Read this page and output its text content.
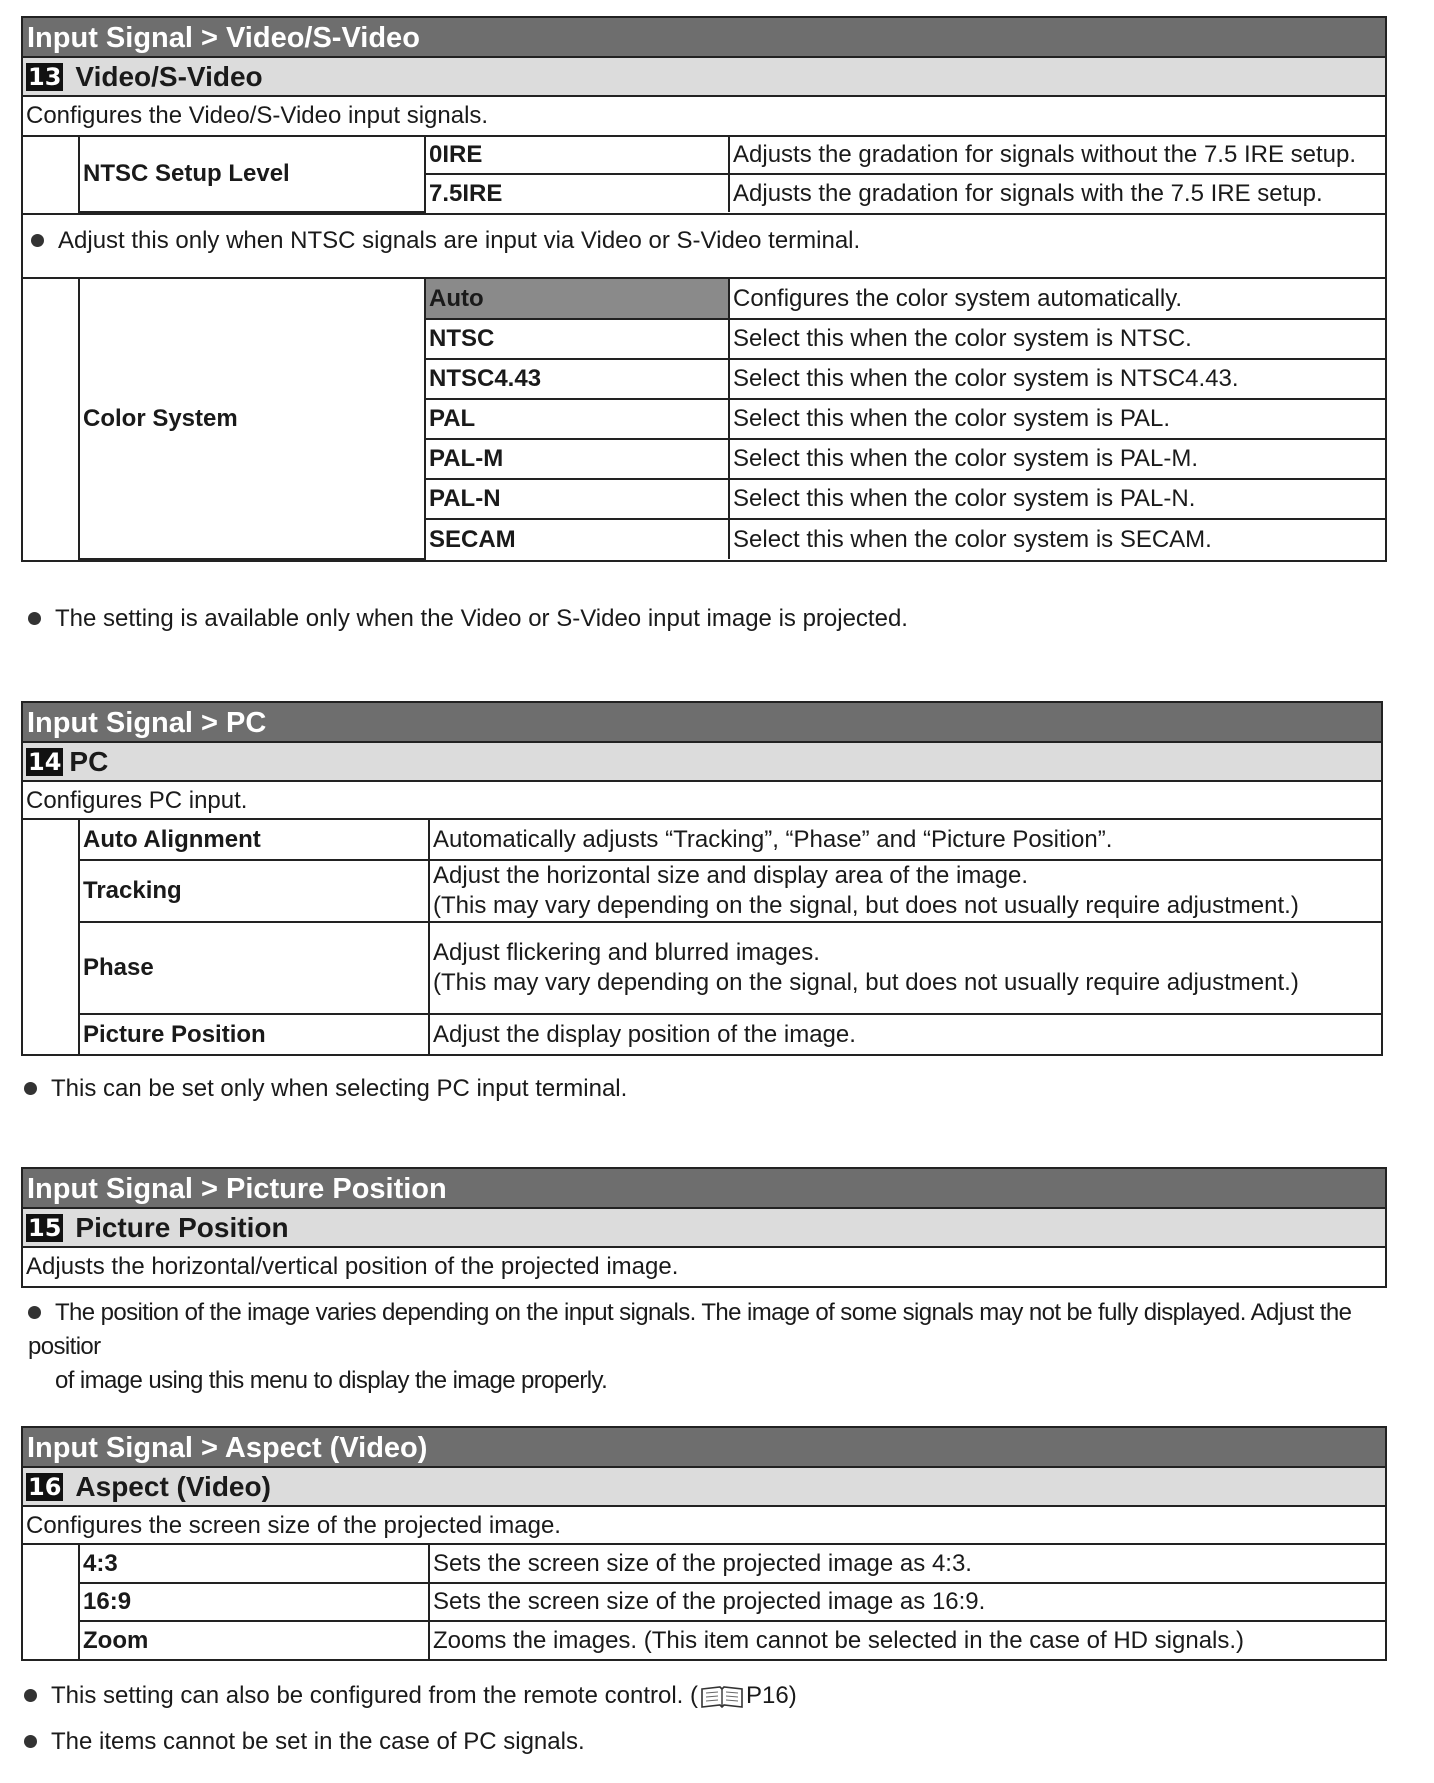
Input Signal > Video/S-Video
13 Video/S-Video
Configures the Video/S-Video input signals.
	NTSC Setup Level	0IRE	Adjusts the gradation for signals without the 7.5 IRE setup.
		7.5IRE	Adjusts the gradation for signals with the 7.5 IRE setup.
Adjust this only when NTSC signals are input via Video or S-Video terminal.
	Color System	Auto	Configures the color system automatically.
		NTSC	Select this when the color system is NTSC.
		NTSC4.43	Select this when the color system is NTSC4.43.
		PAL	Select this when the color system is PAL.
		PAL-M	Select this when the color system is PAL-M.
		PAL-N	Select this when the color system is PAL-N.
		SECAM	Select this when the color system is SECAM.
The setting is available only when the Video or S-Video input image is projected.
Input Signal > PC
14 PC
Configures PC input.
	Auto Alignment	Automatically adjusts “Tracking”, “Phase” and “Picture Position”.

	Tracking	Adjust the horizontal size and display area of the image.
(This may vary depending on the signal, but does not usually require adjustment.)

	Phase	Adjust flickering and blurred images.
(This may vary depending on the signal, but does not usually require adjustment.)

	Picture Position	Adjust the display position of the image.
This can be set only when selecting PC input terminal.
Input Signal > Picture Position
15 Picture Position
Adjusts the horizontal/vertical position of the projected image.
The position of the image varies depending on the input signals. The image of some signals may not be fully displayed. Adjust the positior
of image using this menu to display the image properly.
Input Signal > Aspect (Video)
16 Aspect (Video)
Configures the screen size of the projected image.
	4:3	Sets the screen size of the projected image as 4:3.
	16:9	Sets the screen size of the projected image as 16:9.
	Zoom	Zooms the images. (This item cannot be selected in the case of HD signals.)
This setting can also be configured from the remote control. ( P16)
The items cannot be set in the case of PC signals.
